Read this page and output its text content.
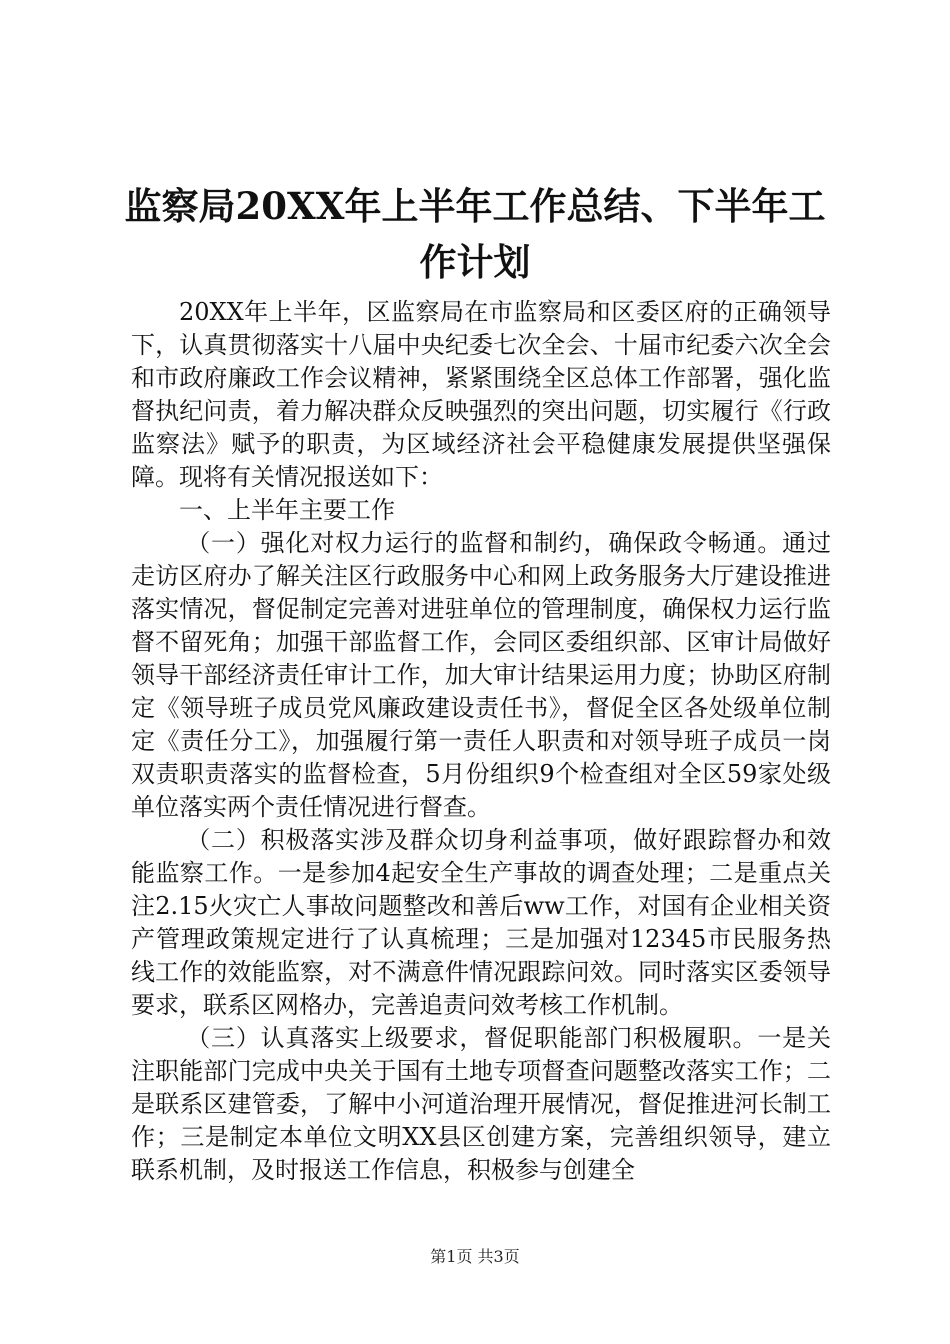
监察局20XX年上半年工作总结、下半年工作计划

20XX年上半年，区监察局在市监察局和区委区府的正确领导下，认真贯彻落实十八届中央纪委七次全会、十届市纪委六次全会和市政府廉政工作会议精神，紧紧围绕全区总体工作部署，强化监督执纪问责，着力解决群众反映强烈的突出问题，切实履行《行政监察法》赋予的职责，为区域经济社会平稳健康发展提供坚强保障。现将有关情况报送如下：

一、上半年主要工作

（一）强化对权力运行的监督和制约，确保政令畅通。通过走访区府办了解关注区行政服务中心和网上政务服务大厅建设推进落实情况，督促制定完善对进驻单位的管理制度，确保权力运行监督不留死角；加强干部监督工作，会同区委组织部、区审计局做好领导干部经济责任审计工作，加大审计结果运用力度；协助区府制定《领导班子成员党风廉政建设责任书》，督促全区各处级单位制定《责任分工》，加强履行第一责任人职责和对领导班子成员一岗双责职责落实的监督检查，5月份组织9个检查组对全区59家处级单位落实两个责任情况进行督查。

（二）积极落实涉及群众切身利益事项，做好跟踪督办和效能监察工作。一是参加4起安全生产事故的调查处理；二是重点关注2.15火灾亡人事故问题整改和善后ww工作，对国有企业相关资产管理政策规定进行了认真梳理；三是加强对12345市民服务热线工作的效能监察，对不满意件情况跟踪问效。同时落实区委领导要求，联系区网格办，完善追责问效考核工作机制。

（三）认真落实上级要求，督促职能部门积极履职。一是关注职能部门完成中央关于国有土地专项督查问题整改落实工作；二是联系区建管委，了解中小河道治理开展情况，督促推进河长制工作；三是制定本单位文明XX县区创建方案，完善组织领导，建立联系机制，及时报送工作信息，积极参与创建全

第1页 共3页
